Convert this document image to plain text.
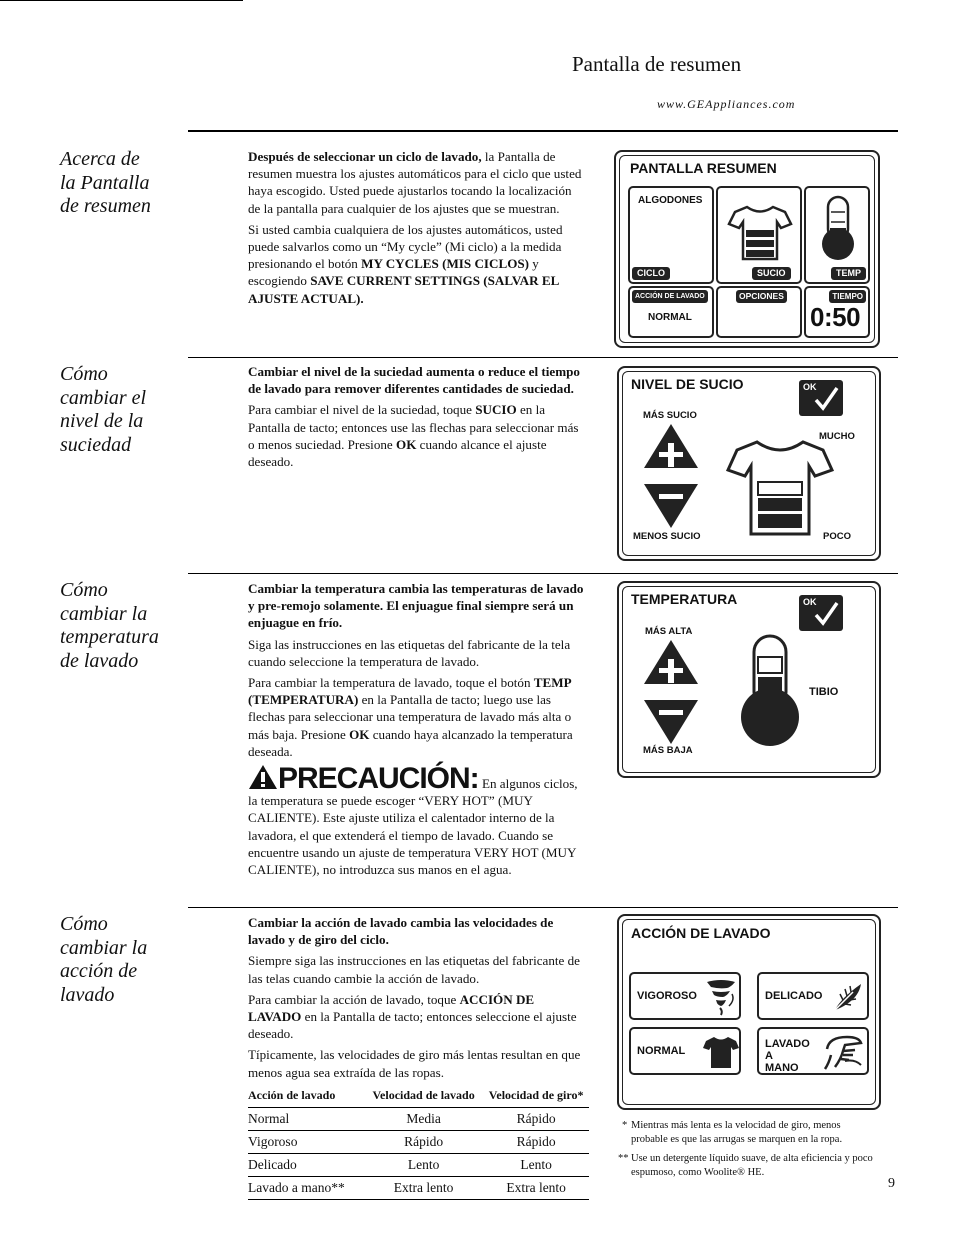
Pantalla de resumen
www.GEAppliances.com
Acerca de
la Pantalla
de resumen

Después de seleccionar un ciclo de lavado, la Pantalla de resumen muestra los ajustes automáticos para el ciclo que usted haya escogido. Usted puede ajustarlos tocando la localización de la pantalla para cualquier de los ajustes que se muestran.

Si usted cambia cualquiera de los ajustes automáticos, usted puede salvarlos como un “My cycle” (Mi ciclo) a la medida presionando el botón MY CYCLES (MIS CICLOS) y escogiendo SAVE CURRENT SETTINGS (SALVAR EL AJUSTE ACTUAL).

PANTALLA RESUMEN
ALGODONES
CICLO	SUCIO	TEMP
ACCIÓN DE LAVADO
NORMAL
OPCIONES	TIEMPO
0:50
Cómo
cambiar el
nivel de la
suciedad

Cambiar el nivel de la suciedad aumenta o reduce el tiempo de lavado para remover diferentes cantidades de suciedad.

Para cambiar el nivel de la suciedad, toque SUCIO en la Pantalla de tacto; entonces use las flechas para seleccionar más o menos suciedad. Presione OK cuando alcance el ajuste deseado.

NIVEL DE SUCIO	OK
MÁS SUCIO
MENOS SUCIO
MUCHO
POCO
Cómo
cambiar la
temperatura
de lavado

Cambiar la temperatura cambia las temperaturas de lavado y pre-remojo solamente. El enjuague final siempre será un enjuague en frío.

Siga las instrucciones en las etiquetas del fabricante de la tela cuando seleccione la temperatura de lavado.

Para cambiar la temperatura de lavado, toque el botón TEMP (TEMPERATURA) en la Pantalla de tacto; luego use las flechas para seleccionar una temperatura de lavado más alta o más baja. Presione OK cuando haya alcanzado la temperatura deseada.

PRECAUCIÓN: En algunos ciclos, la temperatura se puede escoger “VERY HOT” (MUY CALIENTE). Este ajuste utiliza el calentador interno de la lavadora, el que extenderá el tiempo de lavado. Cuando se encuentre usando un ajuste de temperatura VERY HOT (MUY CALIENTE), no introduzca sus manos en el agua.

TEMPERATURA	OK
MÁS ALTA
MÁS BAJA
TIBIO
Cómo
cambiar la
acción de
lavado

Cambiar la acción de lavado cambia las velocidades de lavado y de giro del ciclo.

Siempre siga las instrucciones en las etiquetas del fabricante de las telas cuando cambie la acción de lavado.

Para cambiar la acción de lavado, toque ACCIÓN DE LAVADO en la Pantalla de tacto; entonces seleccione el ajuste deseado.

Típicamente, las velocidades de giro más lentas resultan en que menos agua sea extraída de las ropas.

ACCIÓN DE LAVADO
VIGOROSO	DELICADO
NORMAL
LAVADO

A MANO
Acción de lavado	Velocidad de lavado	Velocidad de giro*
Normal	Media	Rápido
Vigoroso	Rápido	Rápido
Delicado	Lento	Lento
Lavado a mano**	Extra lento	Extra lento
* Mientras más lenta es la velocidad de giro, menos probable es que las arrugas se marquen en la ropa.
** Use un detergente líquido suave, de alta eficiencia y poco espumoso, como Woolite® HE.
9
